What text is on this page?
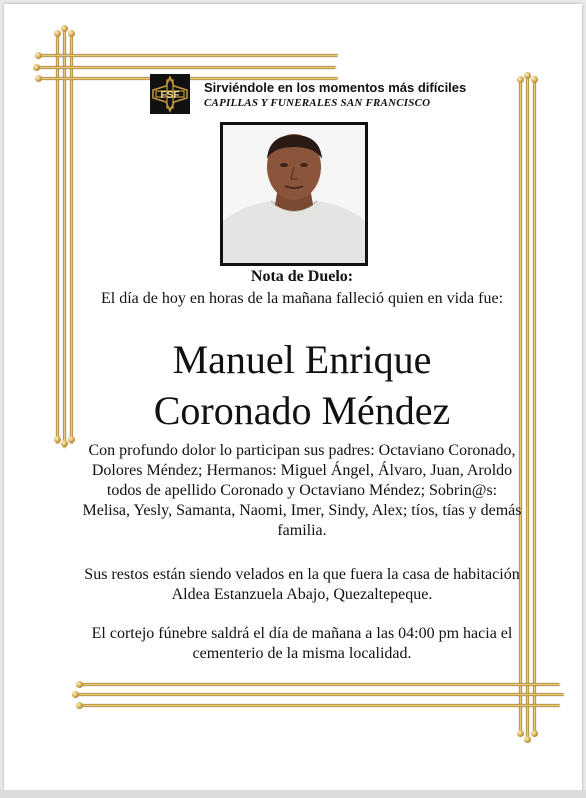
FSF
Sirviéndole en los momentos más difíciles
CAPILLAS Y FUNERALES SAN FRANCISCO
Nota de Duelo:
El día de hoy en horas de la mañana falleció quien en vida fue:
Manuel Enrique
Coronado Méndez
Con profundo dolor lo participan sus padres: Octaviano Coronado, Dolores Méndez; Hermanos: Miguel Ángel, Álvaro, Juan, Aroldo todos de apellido Coronado y Octaviano Méndez; Sobrin@s: Melisa, Yesly, Samanta, Naomi, Imer, Sindy, Alex; tíos, tías y demás familia.
Sus restos están siendo velados en la que fuera la casa de habitación Aldea Estanzuela Abajo, Quezaltepeque.
El cortejo fúnebre saldrá el día de mañana a las 04:00 pm hacia el cementerio de la misma localidad.
